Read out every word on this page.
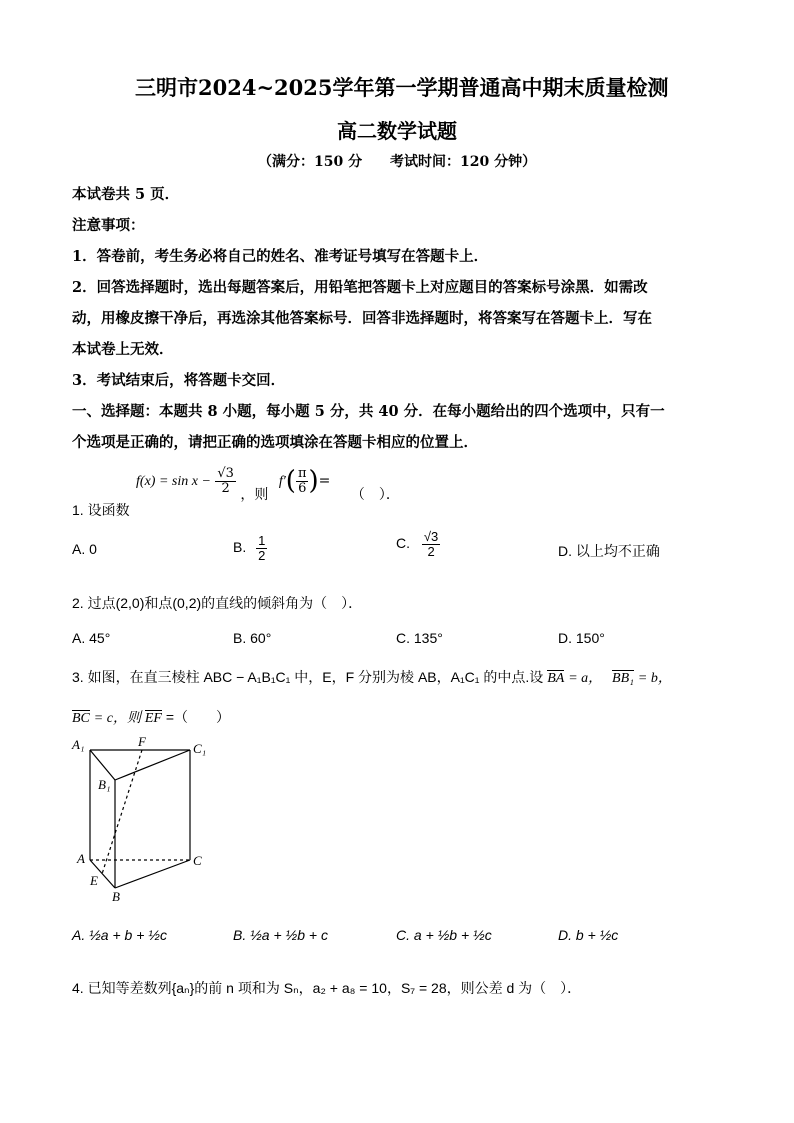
三明市2024~2025学年第一学期普通高中期末质量检测
高二数学试题
（满分：150 分 考试时间：120 分钟）
本试卷共 5 页．
注意事项：
1．答卷前，考生务必将自己的姓名、准考证号填写在答题卡上．
2．回答选择题时，选出每题答案后，用铅笔把答题卡上对应题目的答案标号涂黑．如需改
动，用橡皮擦干净后，再选涂其他答案标号．回答非选择题时，将答案写在答题卡上．写在
本试卷上无效．
3．考试结束后，将答题卡交回．
一、选择题：本题共 8 小题，每小题 5 分，共 40 分．在每小题给出的四个选项中，只有一
个选项是正确的，请把正确的选项填涂在答题卡相应的位置上．
1. 设函数 $f(x) = \sin x - \frac{√3}{2}$ ，则 $f'( \frac{\pi}{6}$ )= （　）．
A. 0	B. $\frac{1}{2}$	C. $\frac{√3}{2}$	D. 以上均不正确
2. 过点(2,0)和点(0,2)的直线的倾斜角为（　）．
A. 45°	B. 60°	C. 135°	D. 150°
3. 如图，在直三棱柱 ABC − A₁B₁C₁ 中，E，F 分别为棱 AB，A₁C₁ 的中点.设 BA = a， BB₁ = b，
BC = c，则 EF =（　　）
A₁	F	C₁
B₁
A	C
E
B
A. ½a + b + ½c	B. ½a + ½b + c	C. a + ½b + ½c	D. b + ½c
4. 已知等差数列{aₙ}的前 n 项和为 Sₙ，a₂ + a₈ = 10，S₇ = 28，则公差 d 为（　）．
